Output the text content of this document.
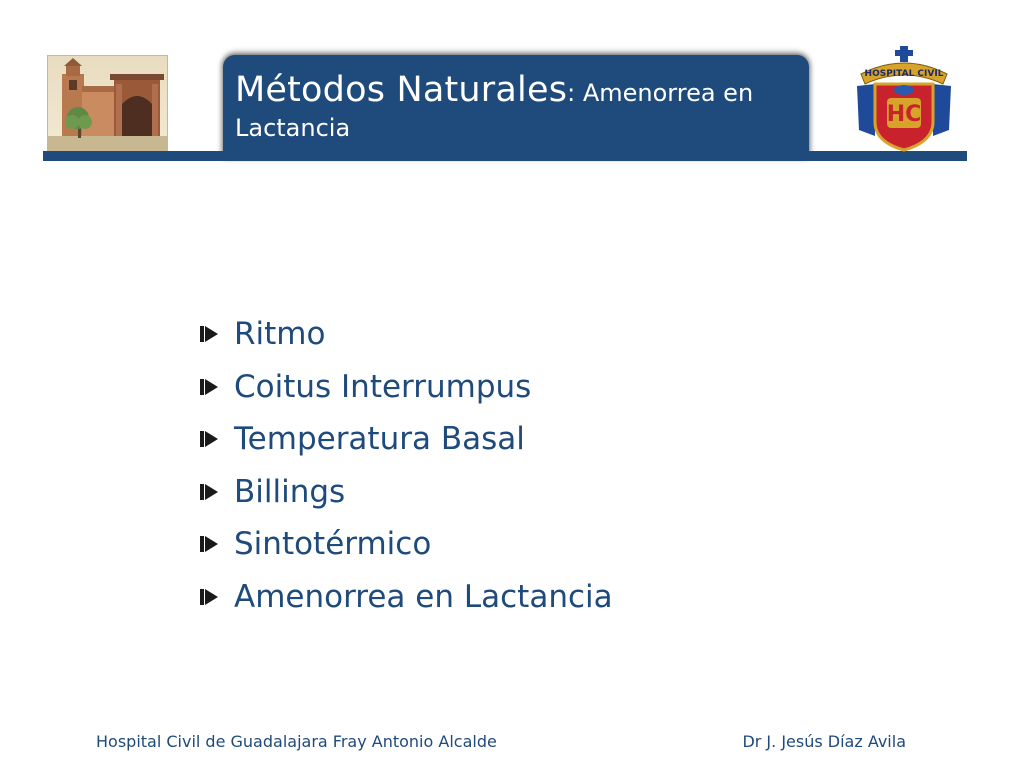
Métodos Naturales: Amenorrea en
Lactancia
HOSPITAL CIVIL
HC
Ritmo
Coitus Interrumpus
Temperatura Basal
Billings
Sintotérmico
Amenorrea en Lactancia
Hospital Civil de Guadalajara Fray Antonio Alcalde	Dr J. Jesús Díaz Avila
